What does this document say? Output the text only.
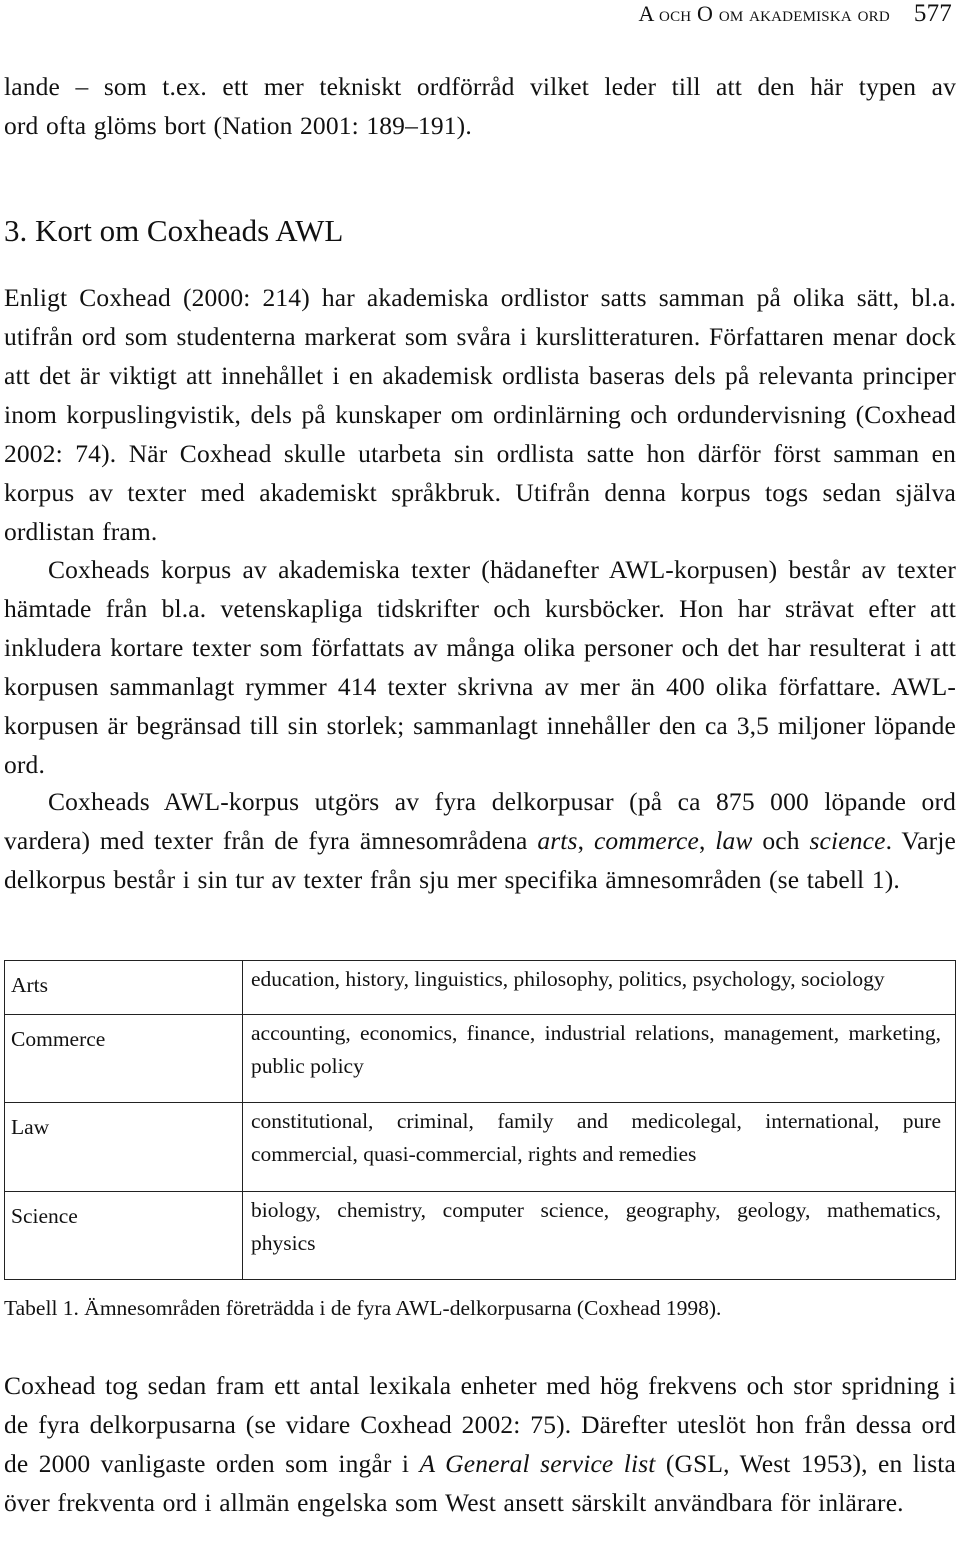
A och O om akademiska ord 577
lande – som t.ex. ett mer tekniskt ordförråd vilket leder till att den här typen av
ord ofta glöms bort (Nation 2001: 189–191).
3. Kort om Coxheads AWL

Enligt Coxhead (2000: 214) har akademiska ordlistor satts samman på olika sätt, bl.a. utifrån ord som studenterna markerat som svåra i kurslitteraturen. Författaren menar dock att det är viktigt att innehållet i en akademisk ordlista baseras dels på relevanta principer inom korpuslingvistik, dels på kunskaper om ordinlärning och ordundervisning (Coxhead 2002: 74). När Coxhead skulle utarbeta sin ordlista satte hon därför först samman en korpus av texter med akademiskt språkbruk. Utifrån denna korpus togs sedan själva ordlistan fram.

Coxheads korpus av akademiska texter (hädanefter AWL-korpusen) består av texter hämtade från bl.a. vetenskapliga tidskrifter och kursböcker. Hon har strävat efter att inkludera kortare texter som författats av många olika personer och det har resulterat i att korpusen sammanlagt rymmer 414 texter skrivna av mer än 400 olika författare. AWL-korpusen är begränsad till sin storlek; sammanlagt innehåller den ca 3,5 miljoner löpande ord.

Coxheads AWL-korpus utgörs av fyra delkorpusar (på ca 875 000 löpande ord vardera) med texter från de fyra ämnesområdena arts, commerce, law och science. Varje delkorpus består i sin tur av texter från sju mer specifika ämnesområden (se tabell 1).

Arts	education, history, linguistics, philosophy, politics, psychology, sociology
Commerce	accounting, economics, finance, industrial relations, management, marketing, public policy
Law	constitutional, criminal, family and medicolegal, international, pure commercial, quasi-commercial, rights and remedies
Science	biology, chemistry, computer science, geography, geology, mathematics, physics

Tabell 1. Ämnesområden företrädda i de fyra AWL-delkorpusarna (Coxhead 1998).

Coxhead tog sedan fram ett antal lexikala enheter med hög frekvens och stor spridning i de fyra delkorpusarna (se vidare Coxhead 2002: 75). Därefter uteslöt hon från dessa ord de 2000 vanligaste orden som ingår i A General service list (GSL, West 1953), en lista över frekventa ord i allmän engelska som West ansett särskilt användbara för inlärare.
